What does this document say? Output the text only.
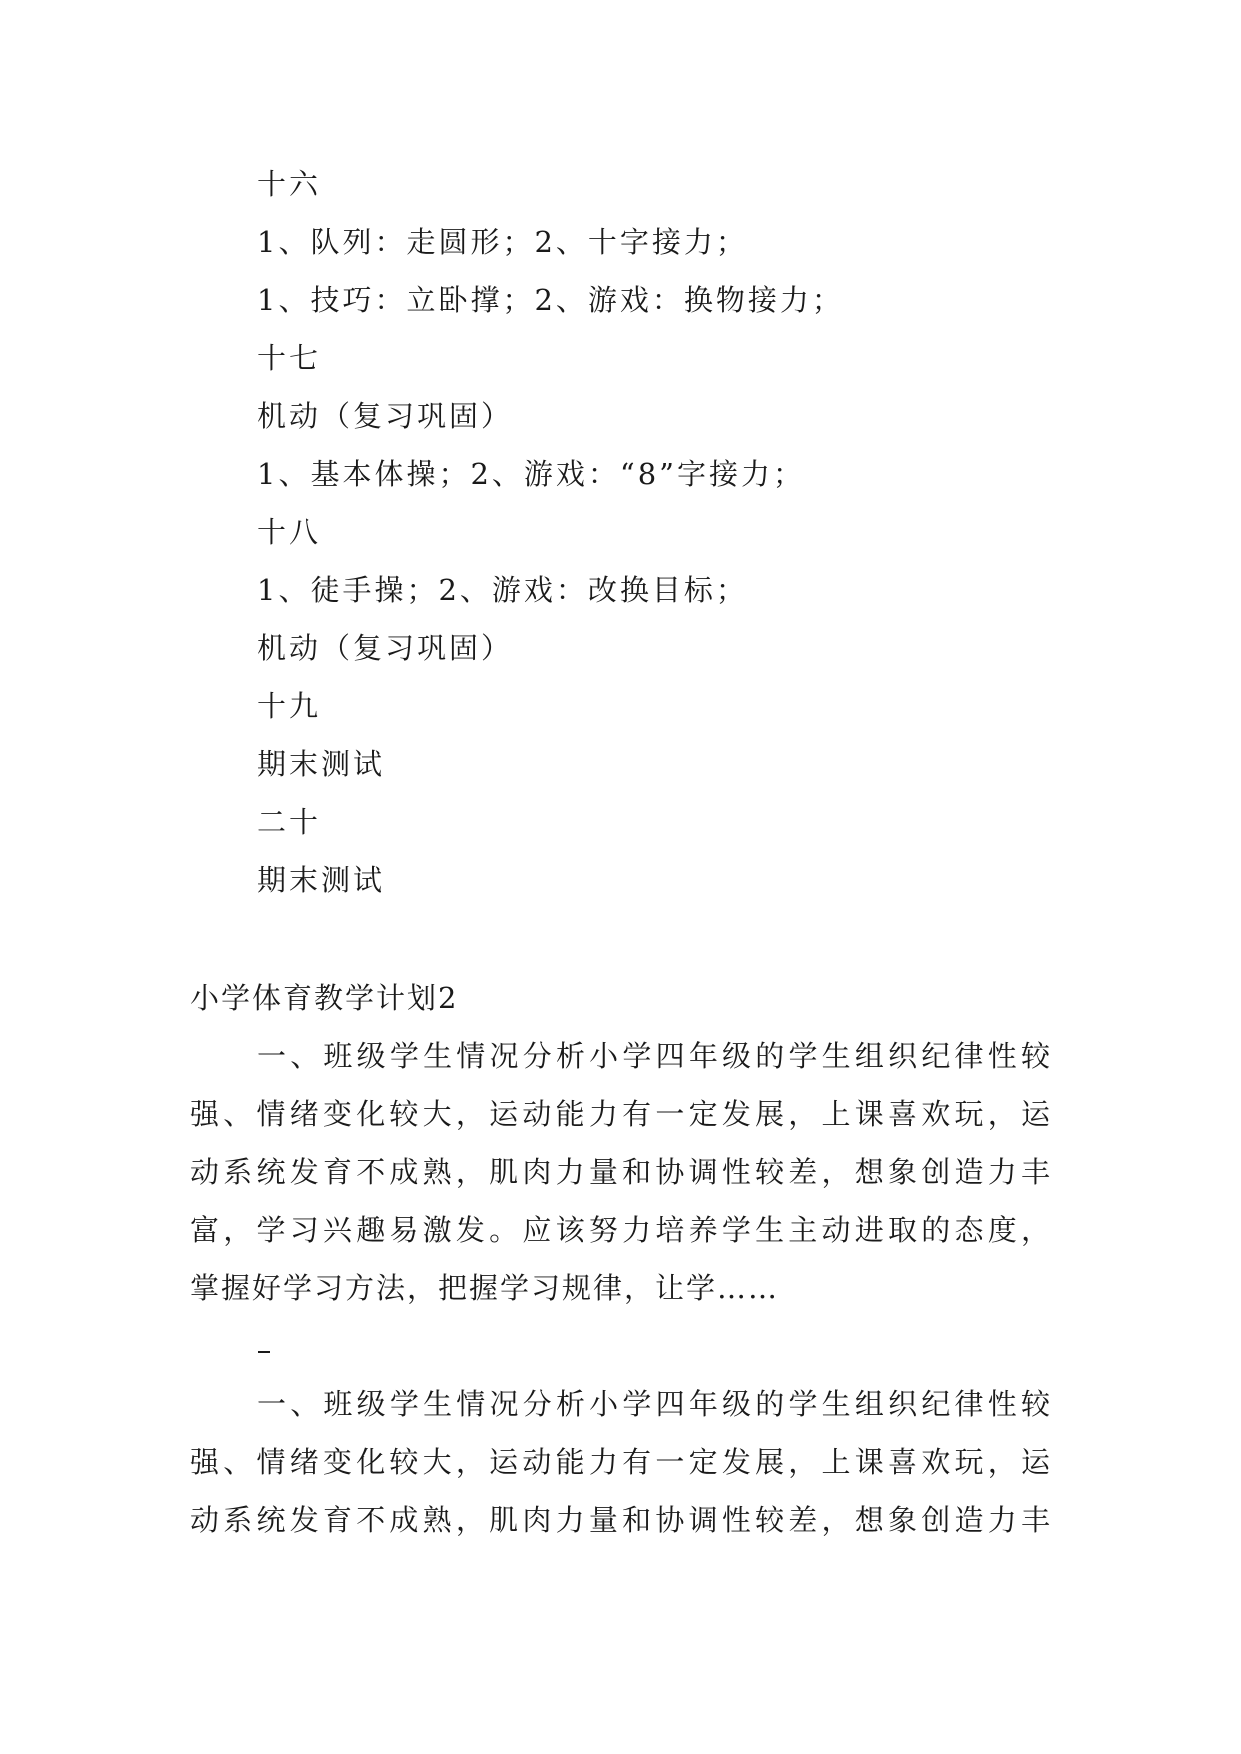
十六
1、队列：走圆形；2、十字接力；
1、技巧：立卧撑；2、游戏：换物接力；
十七
机动（复习巩固）
1、基本体操；2、游戏：“8”字接力；
十八
1、徒手操；2、游戏：改换目标；
机动（复习巩固）
十九
期末测试
二十
期末测试
小学体育教学计划2
一、班级学生情况分析小学四年级的学生组织纪律性较
强、情绪变化较大，运动能力有一定发展，上课喜欢玩，运
动系统发育不成熟，肌肉力量和协调性较差，想象创造力丰
富，学习兴趣易激发。应该努力培养学生主动进取的态度，
掌握好学习方法，把握学习规律，让学……
一、班级学生情况分析小学四年级的学生组织纪律性较
强、情绪变化较大，运动能力有一定发展，上课喜欢玩，运
动系统发育不成熟，肌肉力量和协调性较差，想象创造力丰
